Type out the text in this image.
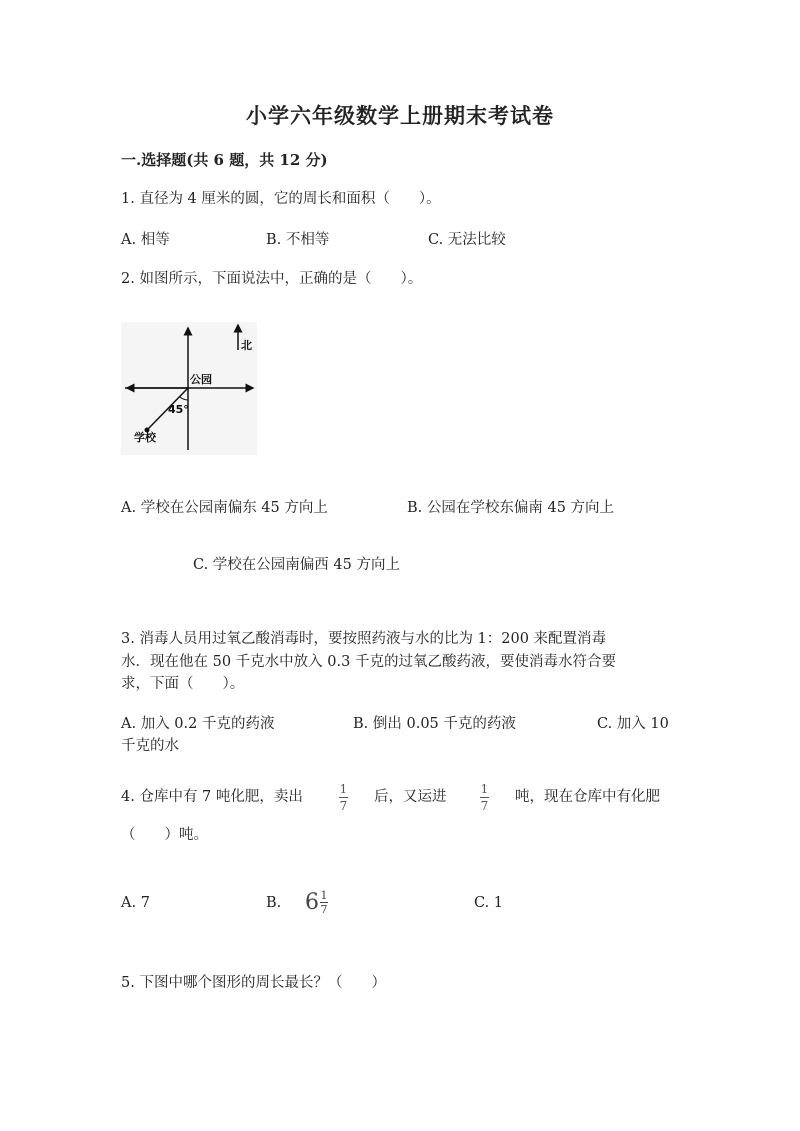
小学六年级数学上册期末考试卷
一.选择题(共 6 题，共 12 分)
1. 直径为 4 厘米的圆，它的周长和面积（　　）。
A. 相等	B. 不相等	C. 无法比较
2. 如图所示，下面说法中，正确的是（　　）。
北
公园
45°
学校
A. 学校在公园南偏东 45 方向上	B. 公园在学校东偏南 45 方向上
C. 学校在公园南偏西 45 方向上
3. 消毒人员用过氧乙酸消毒时，要按照药液与水的比为 1：200 来配置消毒
水．现在他在 50 千克水中放入 0.3 千克的过氧乙酸药液，要使消毒水符合要
求，下面（　　）。
A. 加入 0.2 千克的药液	B. 倒出 0.05 千克的药液	C. 加入 10
千克的水
4. 仓库中有 7 吨化肥，卖出	1
7
后，又运进	1
7
吨，现在仓库中有化肥
（　　）吨。
A. 7	B. 6 1
7	C. 1
5. 下图中哪个图形的周长最长？（　　）
